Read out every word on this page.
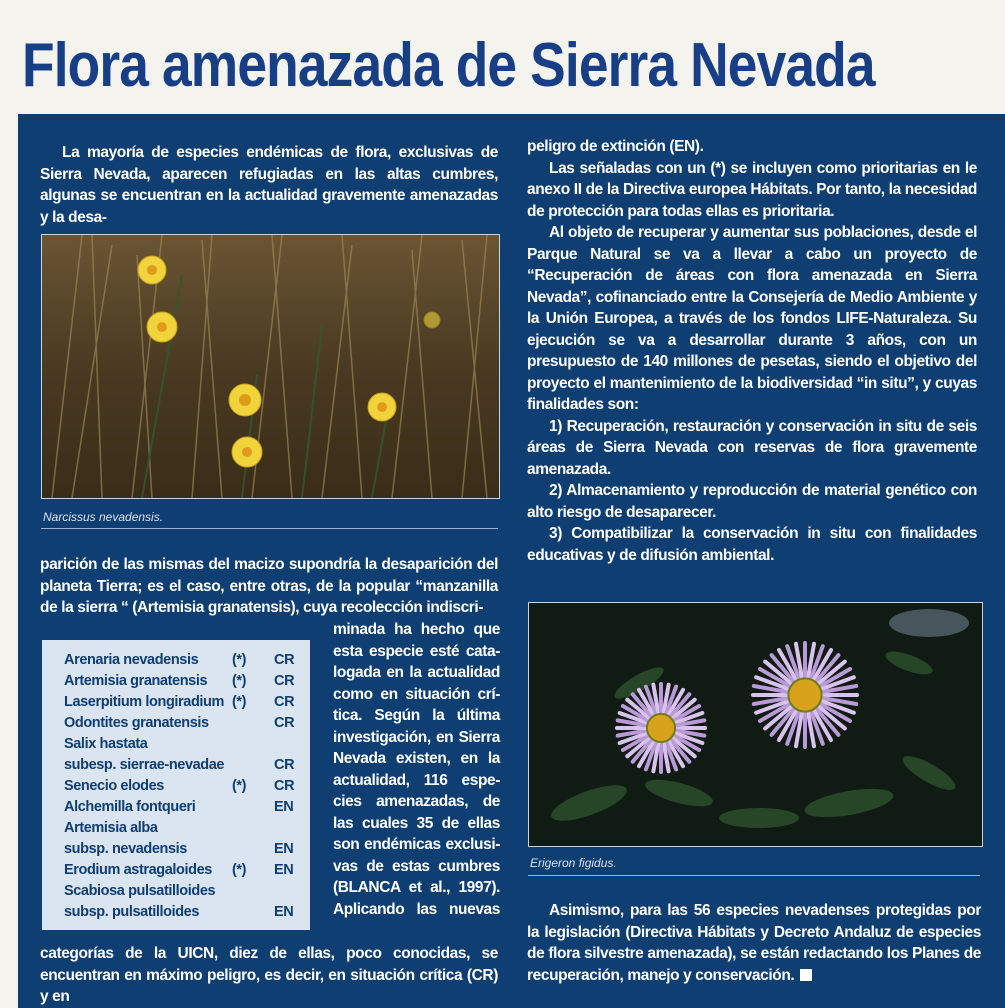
Flora amenazada de Sierra Nevada

La mayoría de especies endémicas de flora, exclusivas de Sierra Nevada, aparecen refugiadas en las altas cumbres, algunas se encuentran en la actualidad gravemente amenazadas y la desa-

Narcissus nevadensis.

parición de las mismas del macizo supondría la desaparición del planeta Tierra; es el caso, entre otras, de la popular “manzanilla de la sierra “ (Artemisia granatensis), cuya recolección indiscri-

Arenaria nevadensis (*) CR
Artemisia granatensis (*) CR
Laserpitium longiradium (*) CR
Odontites granatensis	CR
Salix hastata
subesp. sierrae-nevadae	CR
Senecio elodes	(*) CR
Alchemilla fontqueri	EN
Artemisia alba
subsp. nevadensis	EN
Erodium astragaloides (*) EN
Scabiosa pulsatilloides
subsp. pulsatilloides	EN
minada ha hecho que
esta especie esté cata-
logada en la actualidad
como en situación crí-
tica. Según la última
investigación, en Sierra
Nevada existen, en la
actualidad, 116 espe-
cies amenazadas, de
las cuales 35 de ellas
son endémicas exclusi-
vas de estas cumbres
(BLANCA et al., 1997).
Aplicando las nuevas

categorías de la UICN, diez de ellas, poco conocidas, se encuentran en máximo peligro, es decir, en situación crítica (CR) y en

peligro de extinción (EN).

Las señaladas con un (*) se incluyen como prioritarias en le anexo II de la Directiva europea Hábitats. Por tanto, la necesidad de protección para todas ellas es prioritaria.

Al objeto de recuperar y aumentar sus poblaciones, desde el Parque Natural se va a llevar a cabo un proyecto de “Recuperación de áreas con flora amenazada en Sierra Nevada”, cofinanciado entre la Consejería de Medio Ambiente y la Unión Europea, a través de los fondos LIFE-Naturaleza. Su ejecución se va a desarrollar durante 3 años, con un presupuesto de 140 millones de pesetas, siendo el objetivo del proyecto el mantenimiento de la biodiversidad “in situ”, y cuyas finalidades son:

1) Recuperación, restauración y conservación in situ de seis áreas de Sierra Nevada con reservas de flora gravemente amenazada.

2) Almacenamiento y reproducción de material genético con alto riesgo de desaparecer.

3) Compatibilizar la conservación in situ con finalidades educativas y de difusión ambiental.

Erigeron figidus.

Asimismo, para las 56 especies nevadenses protegidas por la legislación (Directiva Hábitats y Decreto Andaluz de especies de flora silvestre amenazada), se están redactando los Planes de recuperación, manejo y conservación.
